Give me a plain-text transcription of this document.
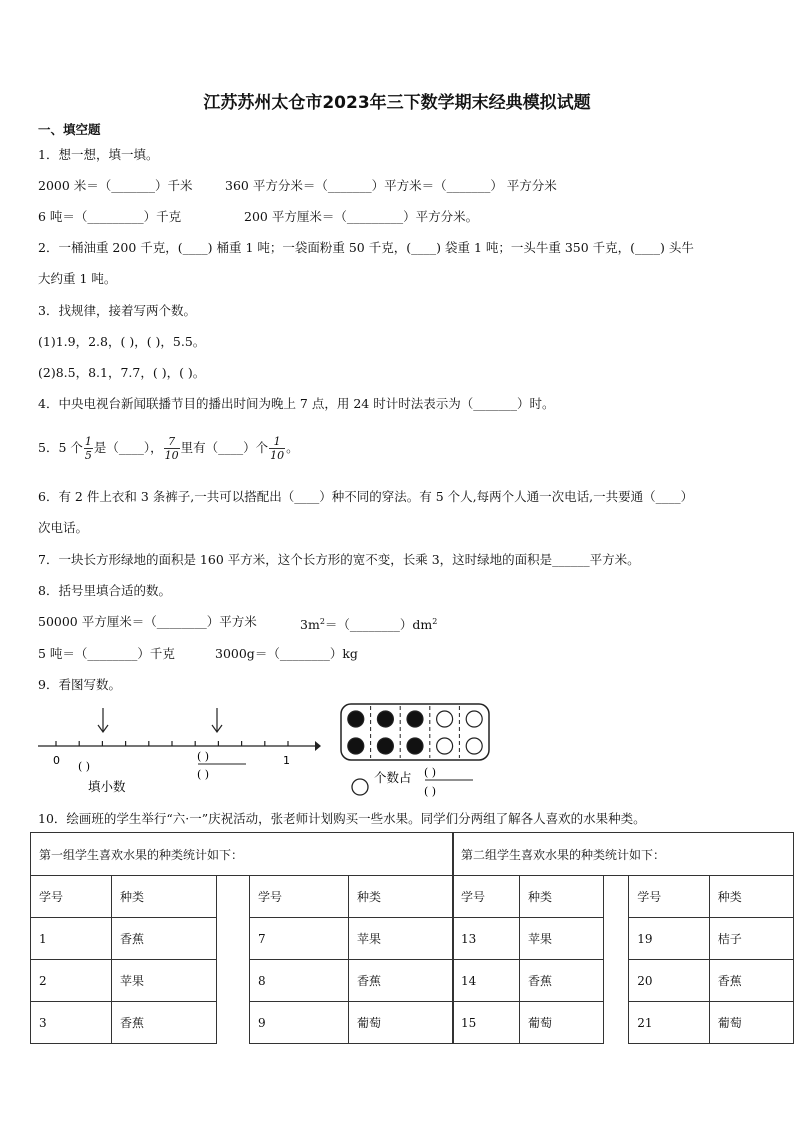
江苏苏州太仓市2023年三下数学期末经典模拟试题
一、填空题
1．想一想，填一填。
2000 米＝（_______）千米	360 平方分米＝（_______）平方米＝（_______） 平方分米
6 吨＝（_________）千克	200 平方厘米＝（_________）平方分米。
2．一桶油重 200 千克，(____) 桶重 1 吨；一袋面粉重 50 千克，(____) 袋重 1 吨；一头牛重 350 千克，(____) 头牛
大约重 1 吨。
3．找规律，接着写两个数。
(1)1.9，2.8，( )，( )，5.5。
(2)8.5，8.1，7.7，( )，( )。
4．中央电视台新闻联播节目的播出时间为晚上 7 点，用 24 时计时法表示为（_______）时。
5．5 个 $\frac{1}{5}$ 是（____）， $\frac{7}{10}$ 里有（____）个 $\frac{1}{10}$ 。
6．有 2 件上衣和 3 条裤子,一共可以搭配出（____）种不同的穿法。有 5 个人,每两个人通一次电话,一共要通（____）
次电话。
7．一块长方形绿地的面积是 160 平方米，这个长方形的宽不变，长乘 3，这时绿地的面积是______平方米。
8．括号里填合适的数。
50000 平方厘米＝（________）平方米	$3m^2=(\_\_\_\_\_\_\_\_)dm^2$
5 吨＝（________）千克	3000g＝（________）kg
9．看图写数。
0	1
( )
( )
( )
填小数
个数占 ( )
( )
10．绘画班的学生举行“六·一”庆祝活动，张老师计划购买一些水果。同学们分两组了解各人喜欢的水果种类。
第一组学生喜欢水果的种类统计如下：				
学号	种类		学号	种类
1	香蕉		7	苹果
2	苹果		8	香蕉
3	香蕉		9	葡萄
第二组学生喜欢水果的种类统计如下：				
学号	种类		学号	种类
13	苹果		19	桔子
14	香蕉		20	香蕉
15	葡萄		21	葡萄
